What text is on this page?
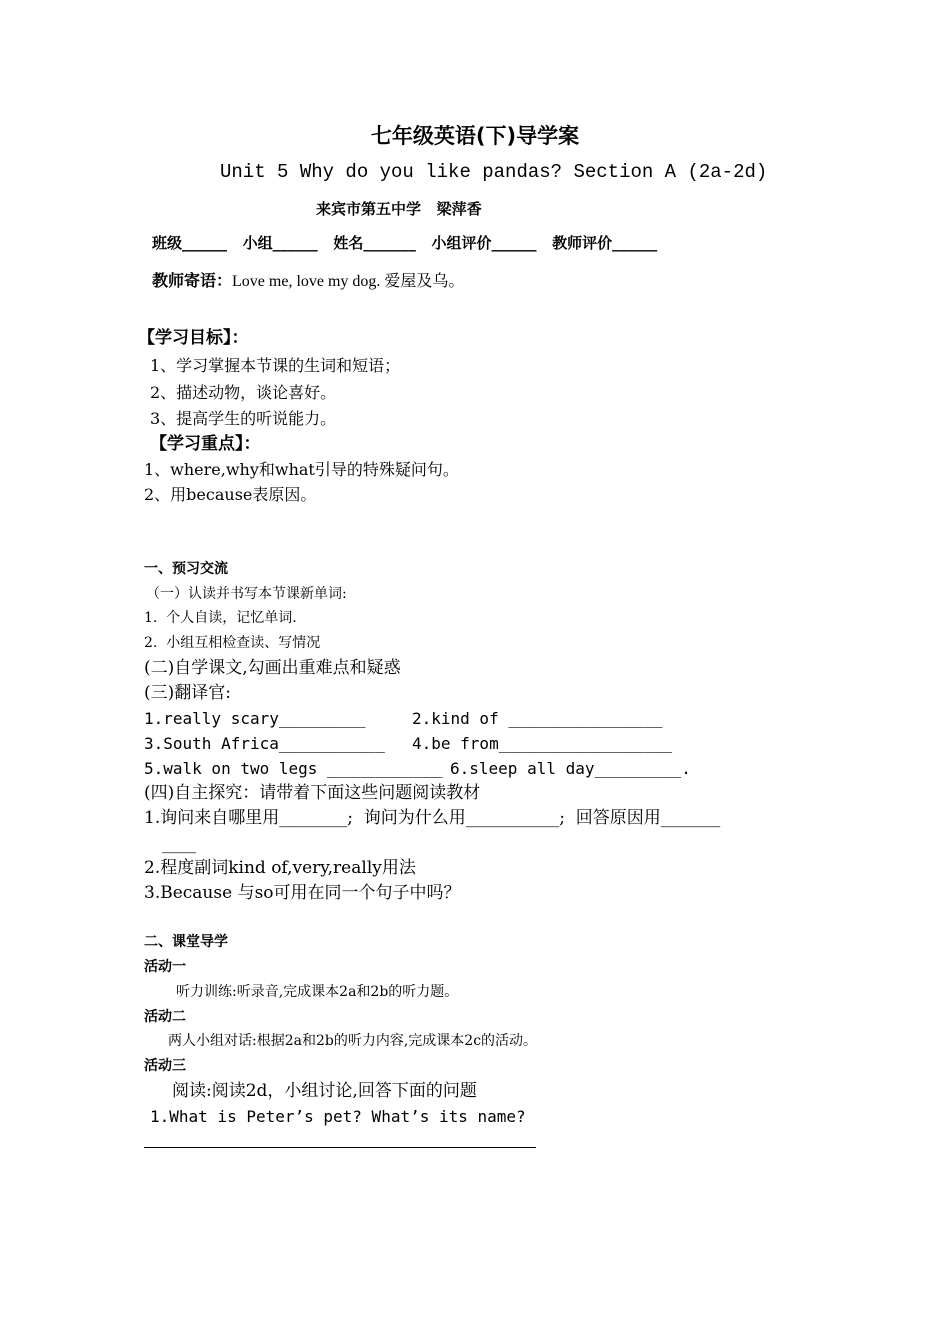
七年级英语(下)导学案
Unit 5 Why do you like pandas? Section A (2a-2d)
来宾市第五中学   梁萍香
班级______   小组______   姓名_______   小组评价______   教师评价______
教师寄语：Love me, love my dog. 爱屋及乌。
【学习目标】：
1、学习掌握本节课的生词和短语；
2、描述动物，谈论喜好。
3、提高学生的听说能力。
【学习重点】：
1、where,why和what引导的特殊疑问句。
2、用because表原因。
一、预习交流
（一）认读并书写本节课新单词:
1.  个人自读，记忆单词.
2.  小组互相检查读、写情况
(二)自学课文,勾画出重难点和疑惑
(三)翻译官:
1.really scary_________	2.kind of ________________
3.South Africa___________ 4.be from__________________
5.walk on two legs ____________ 6.sleep all day_________.
(四)自主探究：请带着下面这些问题阅读教材
1.询问来自哪里用________;  询问为什么用___________;  回答原因用_______
____
2.程度副词kind of,very,really用法
3.Because 与so可用在同一个句子中吗？
二、课堂导学
活动一
听力训练:听录音,完成课本2a和2b的听力题。
活动二
两人小组对话:根据2a和2b的听力内容,完成课本2c的活动。
活动三
阅读:阅读2d，小组讨论,回答下面的问题
1.What is Peter’s pet? What’s its name?
